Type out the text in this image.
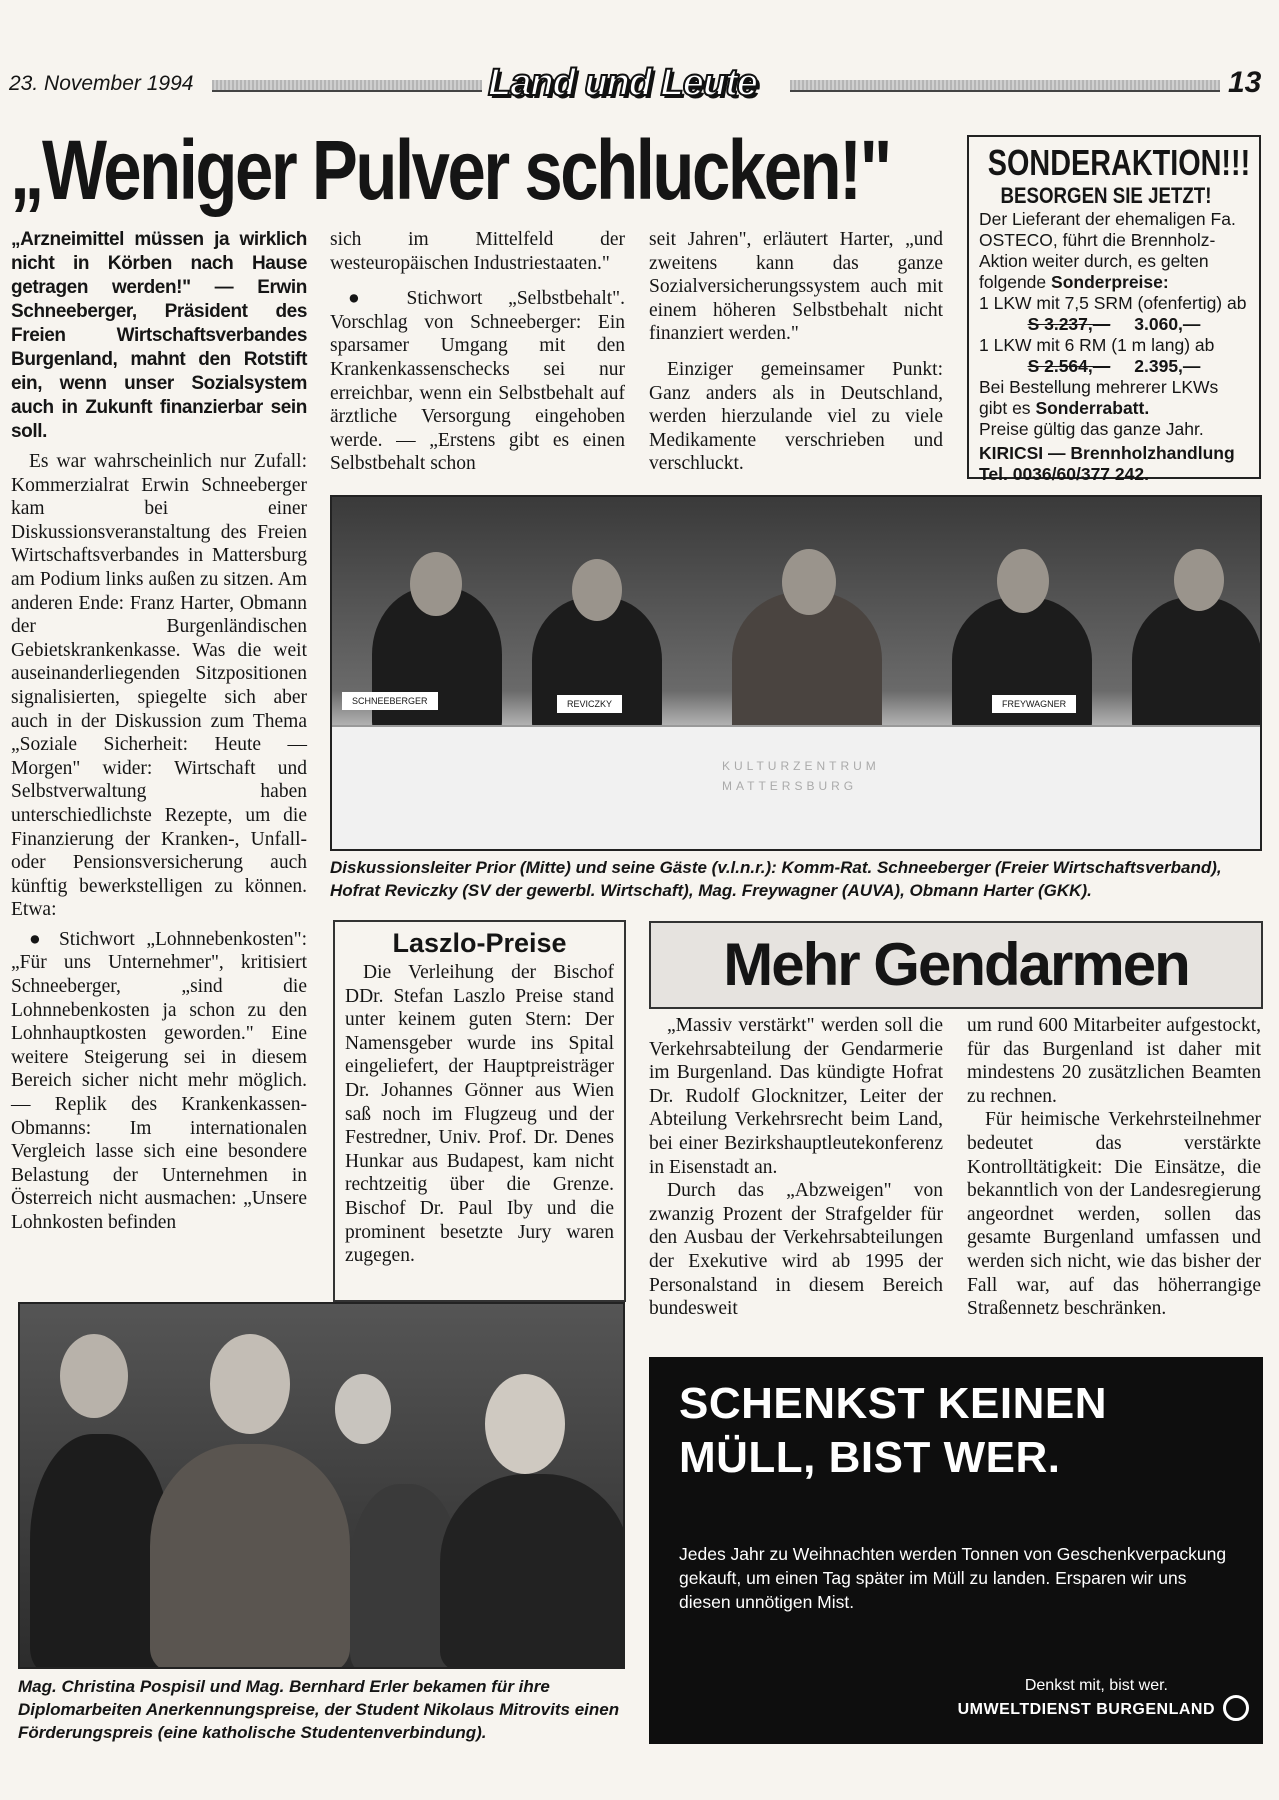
23. November 1994	Land und Leute	13
„Weniger Pulver schlucken!"
„Arzneimittel müssen ja wirklich nicht in Körben nach Hause getragen werden!" — Erwin Schneeberger, Präsident des Freien Wirtschaftsverbandes Burgenland, mahnt den Rotstift ein, wenn unser Sozialsystem auch in Zukunft finanzierbar sein soll.

Es war wahrscheinlich nur Zufall: Kommerzialrat Erwin Schneeberger kam bei einer Diskussionsveranstaltung des Freien Wirtschaftsverbandes in Mattersburg am Podium links außen zu sitzen. Am anderen Ende: Franz Harter, Obmann der Burgenländischen Gebietskrankenkasse. Was die weit auseinanderliegenden Sitzpositionen signalisierten, spiegelte sich aber auch in der Diskussion zum Thema „Soziale Sicherheit: Heute — Morgen" wider: Wirtschaft und Selbstverwaltung haben unterschiedlichste Rezepte, um die Finanzierung der Kranken-, Unfall- oder Pensionsversicherung auch künftig bewerkstelligen zu können. Etwa:

● Stichwort „Lohnnebenkosten": „Für uns Unternehmer", kritisiert Schneeberger, „sind die Lohnnebenkosten ja schon zu den Lohnhauptkosten geworden." Eine weitere Steigerung sei in diesem Bereich sicher nicht mehr möglich. — Replik des Krankenkassen-Obmanns: Im internationalen Vergleich lasse sich eine besondere Belastung der Unternehmen in Österreich nicht ausmachen: „Unsere Lohnkosten befinden

sich im Mittelfeld der westeuropäischen Industriestaaten."

● Stichwort „Selbstbehalt". Vorschlag von Schneeberger: Ein sparsamer Umgang mit den Krankenkassenschecks sei nur erreichbar, wenn ein Selbstbehalt auf ärztliche Versorgung eingehoben werde. — „Erstens gibt es einen Selbstbehalt schon

seit Jahren", erläutert Harter, „und zweitens kann das ganze Sozialversicherungssystem auch mit einem höheren Selbstbehalt nicht finanziert werden."

Einziger gemeinsamer Punkt: Ganz anders als in Deutschland, werden hierzulande viel zu viele Medikamente verschrieben und verschluckt.

SONDERAKTION!!!
BESORGEN SIE JETZT!
Der Lieferant der ehemaligen Fa. OSTECO, führt die Brennholz-Aktion weiter durch, es gelten folgende Sonderpreise:
1 LKW mit 7,5 SRM (ofenfertig) ab
S 3.237,— 3.060,—
1 LKW mit 6 RM (1 m lang) ab
S 2.564,— 2.395,—
Bei Bestellung mehrerer LKWs gibt es Sonderrabatt.
Preise gültig das ganze Jahr.
KIRICSI — Brennholzhandlung
Tel. 0036/60/377 242.
SCHNEEBERGER	REVICZKY	FREYWAGNER
KULTURZENTRUM
MATTERSBURG
Diskussionsleiter Prior (Mitte) und seine Gäste (v.l.n.r.): Komm-Rat. Schneeberger (Freier Wirtschaftsverband), Hofrat Reviczky (SV der gewerbl. Wirtschaft), Mag. Freywagner (AUVA), Obmann Harter (GKK).
Laszlo-Preise
Die Verleihung der Bischof DDr. Stefan Laszlo Preise stand unter keinem guten Stern: Der Namensgeber wurde ins Spital eingeliefert, der Hauptpreisträger Dr. Johannes Gönner aus Wien saß noch im Flugzeug und der Festredner, Univ. Prof. Dr. Denes Hunkar aus Budapest, kam nicht rechtzeitig über die Grenze. Bischof Dr. Paul Iby und die prominent besetzte Jury waren zugegen.
Mehr Gendarmen

„Massiv verstärkt" werden soll die Verkehrsabteilung der Gendarmerie im Burgenland. Das kündigte Hofrat Dr. Rudolf Glocknitzer, Leiter der Abteilung Verkehrsrecht beim Land, bei einer Bezirkshauptleutekonferenz in Eisenstadt an.

Durch das „Abzweigen" von zwanzig Prozent der Strafgelder für den Ausbau der Verkehrsabteilungen der Exekutive wird ab 1995 der Personalstand in diesem Bereich bundesweit

um rund 600 Mitarbeiter aufgestockt, für das Burgenland ist daher mit mindestens 20 zusätzlichen Beamten zu rechnen.

Für heimische Verkehrsteilnehmer bedeutet das verstärkte Kontrolltätigkeit: Die Einsätze, die bekanntlich von der Landesregierung angeordnet werden, sollen das gesamte Burgenland umfassen und werden sich nicht, wie das bisher der Fall war, auf das höherrangige Straßennetz beschränken.

Mag. Christina Pospisil und Mag. Bernhard Erler bekamen für ihre Diplomarbeiten Anerkennungspreise, der Student Nikolaus Mitrovits einen Förderungspreis (eine katholische Studentenverbindung).
SCHENKST KEINEN
MÜLL, BIST WER.
Jedes Jahr zu Weihnachten werden Tonnen von Geschenkverpackung gekauft, um einen Tag später im Müll zu landen. Ersparen wir uns diesen unnötigen Mist.
Denkst mit, bist wer.
UMWELTDIENST BURGENLAND
